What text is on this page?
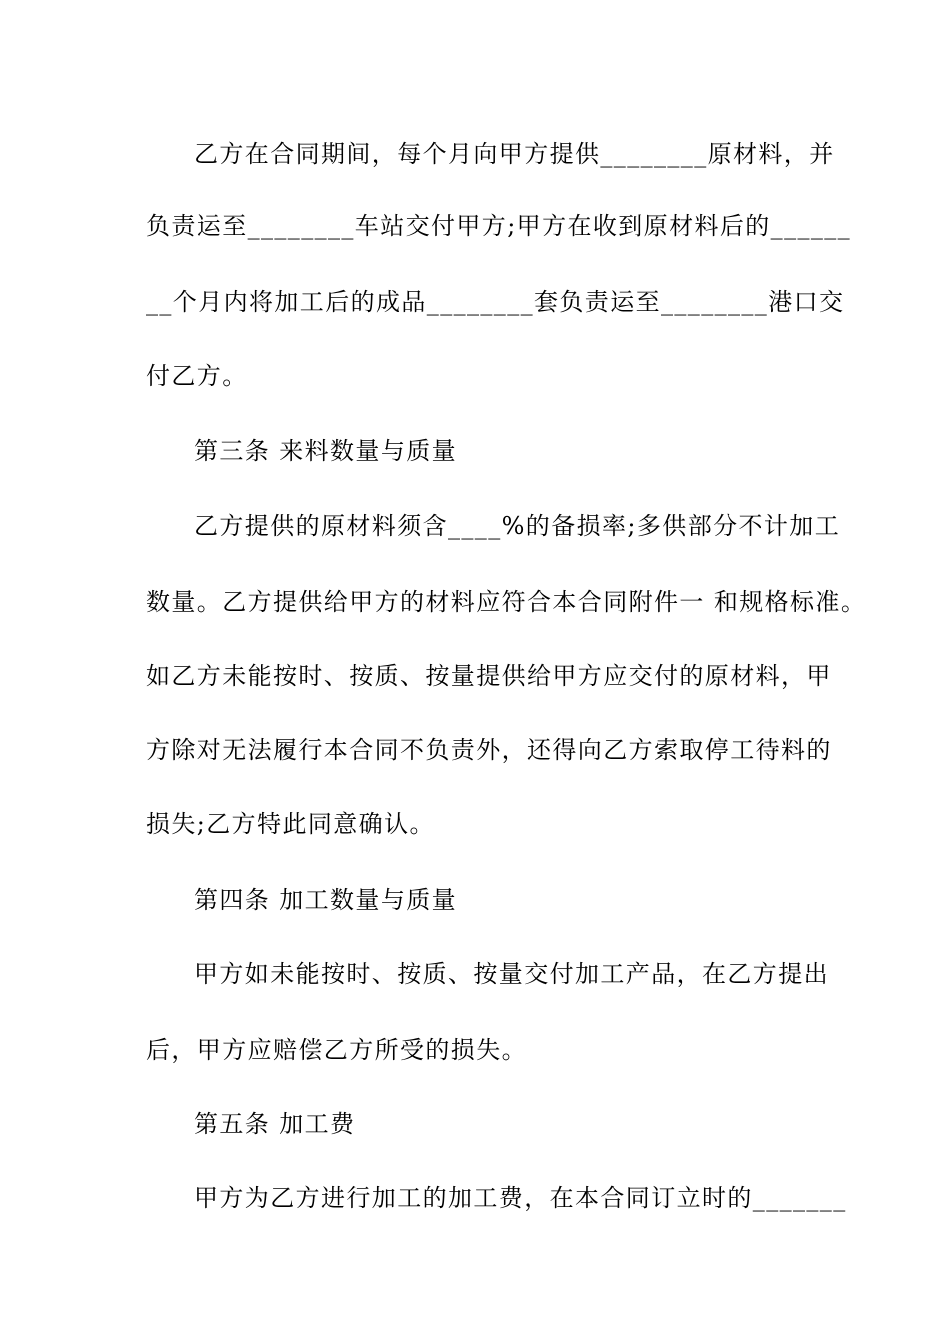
乙方在合同期间，每个月向甲方提供________原材料，并
负责运至________车站交付甲方;甲方在收到原材料后的______
__个月内将加工后的成品________套负责运至________港口交
付乙方。
第三条 来料数量与质量
乙方提供的原材料须含____%的备损率;多供部分不计加工
数量。乙方提供给甲方的材料应符合本合同附件一 和规格标准。
如乙方未能按时、按质、按量提供给甲方应交付的原材料，甲
方除对无法履行本合同不负责外，还得向乙方索取停工待料的
损失;乙方特此同意确认。
第四条 加工数量与质量
甲方如未能按时、按质、按量交付加工产品，在乙方提出
后，甲方应赔偿乙方所受的损失。
第五条 加工费
甲方为乙方进行加工的加工费，在本合同订立时的_______
